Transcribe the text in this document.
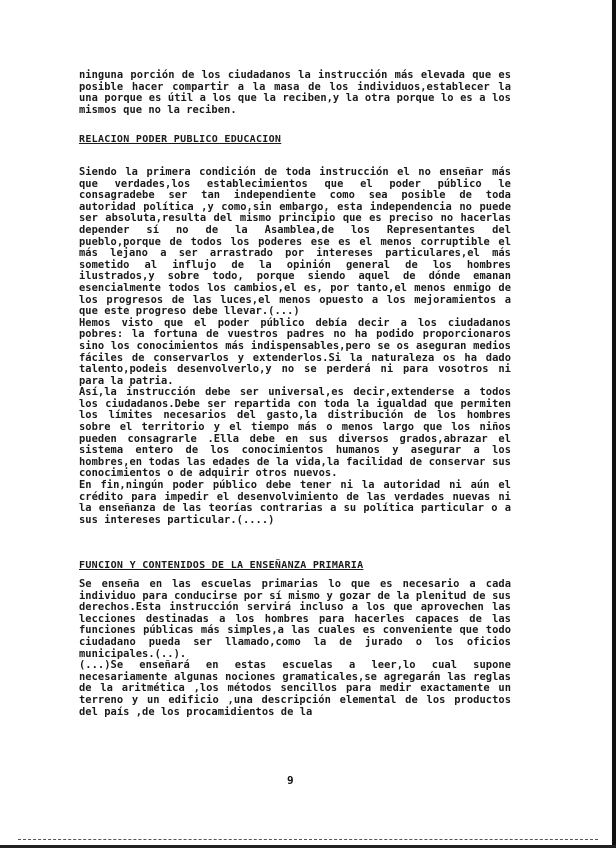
ninguna porción de los ciudadanos la instrucción más elevada que es posible hacer compartir a la masa de los individuos,establecer la una porque es útil a los que la reciben,y la otra porque lo es a los mismos que no la reciben.

RELACION PODER PUBLICO EDUCACION

Siendo la primera condición de toda instrucción el no enseñar más que verdades,los establecimientos que el poder público le consagradebe ser tan independiente como sea posible de toda autoridad política ,y como,sin embargo, esta independencia no puede ser absoluta,resulta del mismo principio que es preciso no hacerlas depender sí no de la Asamblea,de los Representantes del pueblo,porque de todos los poderes ese es el menos corruptible el más lejano a ser arrastrado por intereses particulares,el más sometido al influjo de la opinión general de los hombres ilustrados,y sobre todo, porque siendo aquel de dónde emanan esencialmente todos los cambios,el es, por tanto,el menos enmigo de los progresos de las luces,el menos opuesto a los mejoramientos a que este progreso debe llevar.(...)

Hemos visto que el poder público debía decir a los ciudadanos pobres: la fortuna de vuestros padres no ha podido proporcionaros sino los conocimientos más indispensables,pero se os aseguran medios fáciles de conservarlos y extenderlos.Si la naturaleza os ha dado talento,podeis desenvolverlo,y no se perderá ni para vosotros ni para la patria.

Así,la instrucción debe ser universal,es decir,extenderse a todos los ciudadanos.Debe ser repartida con toda la igualdad que permiten los límites necesarios del gasto,la distribución de los hombres sobre el territorio y el tiempo más o menos largo que los niños pueden consagrarle .Ella debe en sus diversos grados,abrazar el sistema entero de los conocimientos humanos y asegurar a los hombres,en todas las edades de la vida,la facilidad de conservar sus conocimientos o de adquirir otros nuevos.

En fin,ningún poder público debe tener ni la autoridad ni aún el crédito para impedir el desenvolvimiento de las verdades nuevas ni la enseñanza de las teorías contrarias a su política particular o a sus intereses particular.(....)

FUNCION Y CONTENIDOS DE LA ENSEÑANZA PRIMARIA

Se enseña en las escuelas primarias lo que es necesario a cada individuo para conducirse por sí mismo y gozar de la plenitud de sus derechos.Esta instrucción servirá incluso a los que aprovechen las lecciones destinadas a los hombres para hacerles capaces de las funciones públicas más simples,a las cuales es conveniente que todo ciudadano pueda ser llamado,como la de jurado o los oficios municipales.(..).

(...)Se enseñará en estas escuelas a leer,lo cual supone necesariamente algunas nociones gramaticales,se agregarán las reglas de la aritmética ,los métodos sencillos para medir exactamente un terreno y un edificio ,una descripción elemental de los productos del país ,de los procamidientos de la

9
